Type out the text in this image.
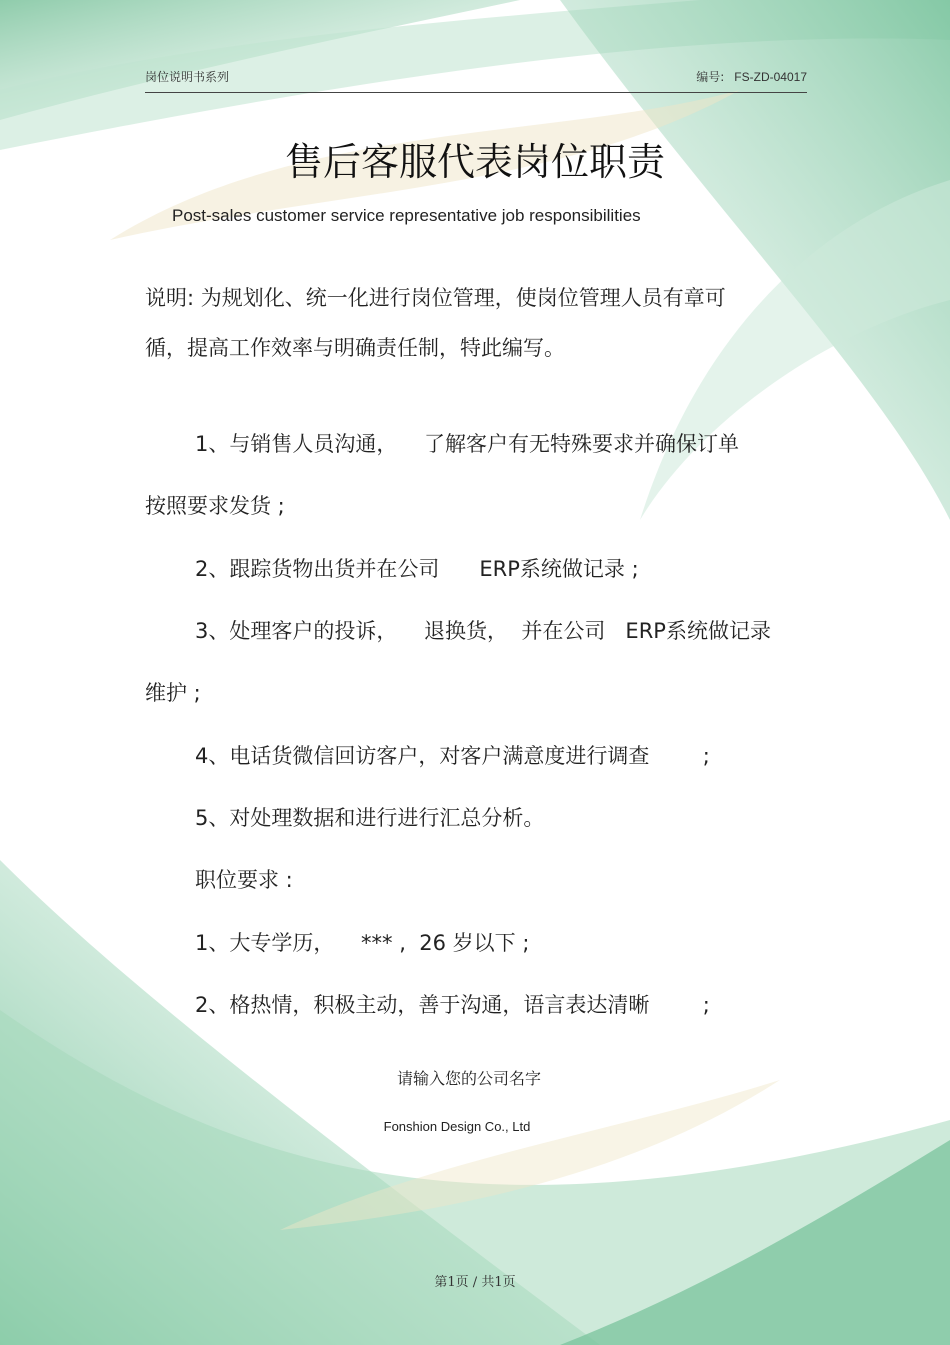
岗位说明书系列	编号: FS-ZD-04017
售后客服代表岗位职责
Post-sales customer service representative job responsibilities
说明: 为规划化、统一化进行岗位管理，使岗位管理人员有章可循，提高工作效率与明确责任制，特此编写。
1、与销售人员沟通，    了解客户有无特殊要求并确保订单
按照要求发货 ;
2、跟踪货物出货并在公司      ERP系统做记录 ;
3、处理客户的投诉，    退换货，  并在公司   ERP系统做记录
维护 ;
4、电话货微信回访客户，对客户满意度进行调查        ;
5、对处理数据和进行进行汇总分析。
职位要求 :
1、大专学历，    *** ,  26 岁以下 ;
2、格热情，积极主动，善于沟通，语言表达清晰        ;
请输入您的公司名字
Fonshion Design Co., Ltd
第1页 / 共1页
